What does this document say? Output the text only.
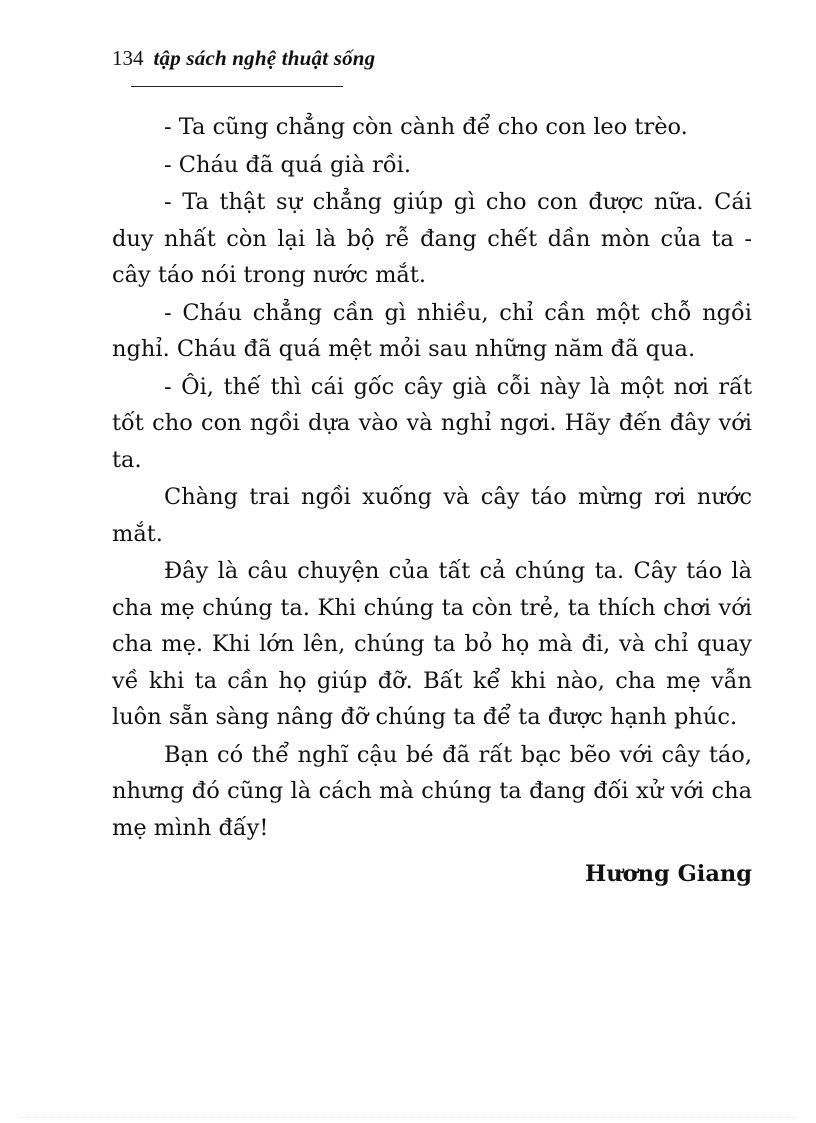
134 tập sách nghệ thuật sống

- Ta cũng chẳng còn cành để cho con leo trèo.

- Cháu đã quá già rồi.

- Ta thật sự chẳng giúp gì cho con được nữa. Cái duy nhất còn lại là bộ rễ đang chết dần mòn của ta - cây táo nói trong nước mắt.

- Cháu chẳng cần gì nhiều, chỉ cần một chỗ ngồi nghỉ. Cháu đã quá mệt mỏi sau những năm đã qua.

- Ôi, thế thì cái gốc cây già cỗi này là một nơi rất tốt cho con ngồi dựa vào và nghỉ ngơi. Hãy đến đây với ta.

Chàng trai ngồi xuống và cây táo mừng rơi nước mắt.

Đây là câu chuyện của tất cả chúng ta. Cây táo là cha mẹ chúng ta. Khi chúng ta còn trẻ, ta thích chơi với cha mẹ. Khi lớn lên, chúng ta bỏ họ mà đi, và chỉ quay về khi ta cần họ giúp đỡ. Bất kể khi nào, cha mẹ vẫn luôn sẵn sàng nâng đỡ chúng ta để ta được hạnh phúc.

Bạn có thể nghĩ cậu bé đã rất bạc bẽo với cây táo, nhưng đó cũng là cách mà chúng ta đang đối xử với cha mẹ mình đấy!

Hương Giang
